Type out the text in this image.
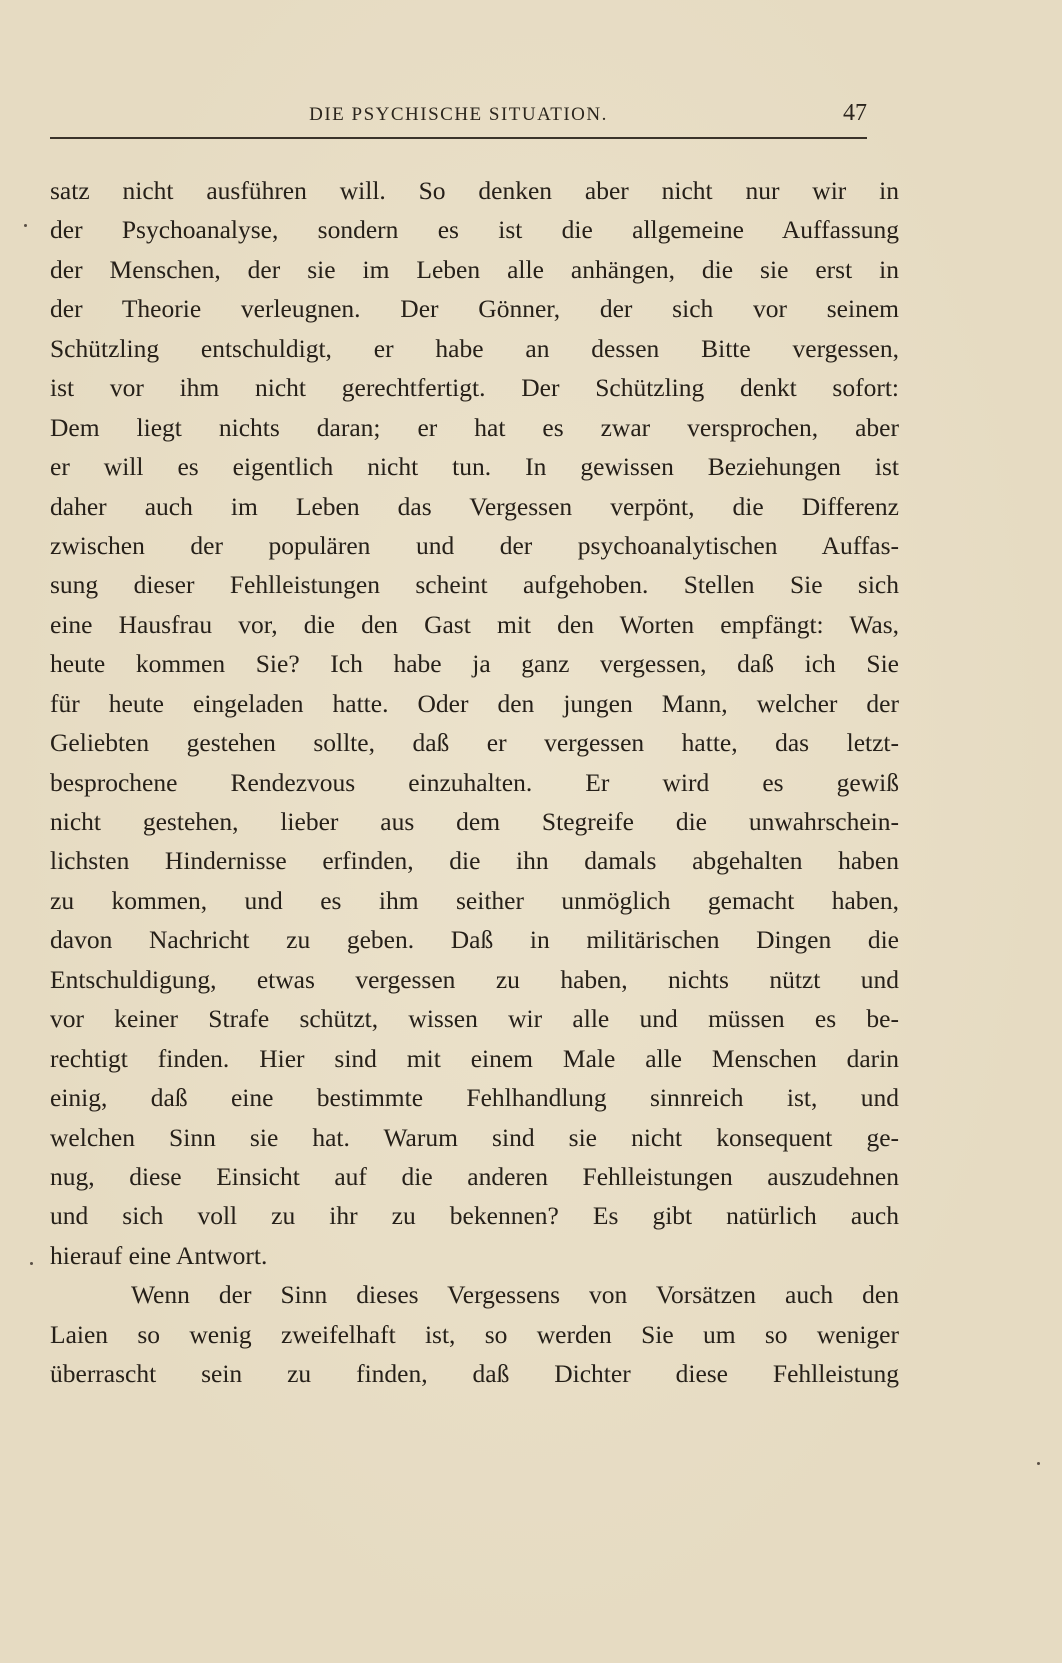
DIE PSYCHISCHE SITUATION.	47
satz nicht ausführen will. So denken aber nicht nur wir in
der Psychoanalyse, sondern es ist die allgemeine Auffassung
der Menschen, der sie im Leben alle anhängen, die sie erst in
der Theorie verleugnen. Der Gönner, der sich vor seinem
Schützling entschuldigt, er habe an dessen Bitte vergessen,
ist vor ihm nicht gerechtfertigt. Der Schützling denkt sofort:
Dem liegt nichts daran; er hat es zwar versprochen, aber
er will es eigentlich nicht tun. In gewissen Beziehungen ist
daher auch im Leben das Vergessen verpönt, die Differenz
zwischen der populären und der psychoanalytischen Auffas-
sung dieser Fehlleistungen scheint aufgehoben. Stellen Sie sich
eine Hausfrau vor, die den Gast mit den Worten empfängt: Was,
heute kommen Sie? Ich habe ja ganz vergessen, daß ich Sie
für heute eingeladen hatte. Oder den jungen Mann, welcher der
Geliebten gestehen sollte, daß er vergessen hatte, das letzt-
besprochene Rendezvous einzuhalten. Er wird es gewiß
nicht gestehen, lieber aus dem Stegreife die unwahrschein-
lichsten Hindernisse erfinden, die ihn damals abgehalten haben
zu kommen, und es ihm seither unmöglich gemacht haben,
davon Nachricht zu geben. Daß in militärischen Dingen die
Entschuldigung, etwas vergessen zu haben, nichts nützt und
vor keiner Strafe schützt, wissen wir alle und müssen es be-
rechtigt finden. Hier sind mit einem Male alle Menschen darin
einig, daß eine bestimmte Fehlhandlung sinnreich ist, und
welchen Sinn sie hat. Warum sind sie nicht konsequent ge-
nug, diese Einsicht auf die anderen Fehlleistungen auszudehnen
und sich voll zu ihr zu bekennen? Es gibt natürlich auch
hierauf eine Antwort.
Wenn der Sinn dieses Vergessens von Vorsätzen auch den
Laien so wenig zweifelhaft ist, so werden Sie um so weniger
überrascht sein zu finden, daß Dichter diese Fehlleistung
